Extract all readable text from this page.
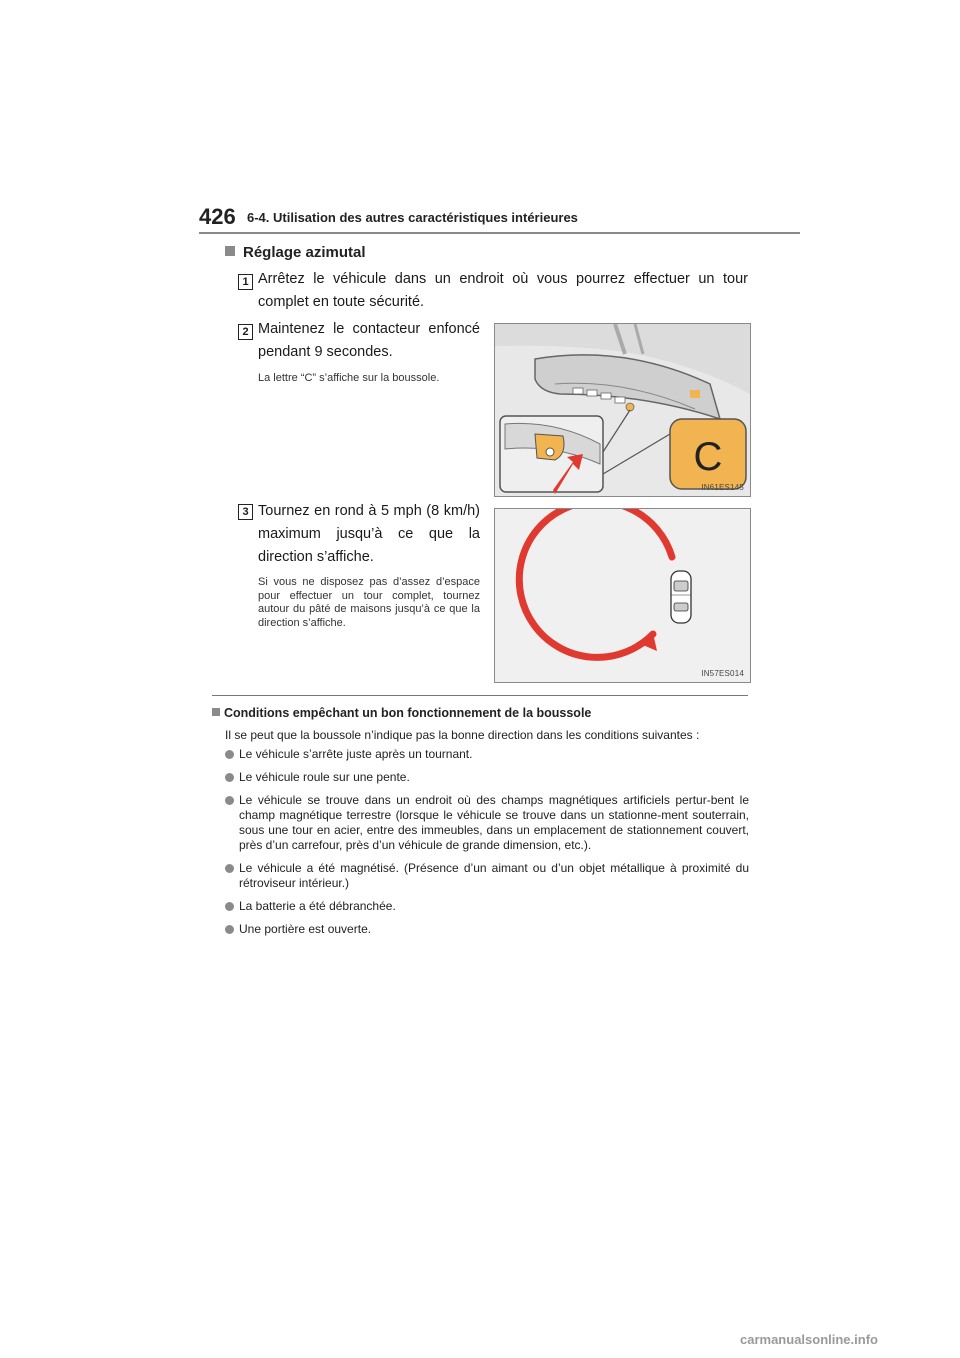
426 6-4. Utilisation des autres caractéristiques intérieures
Réglage azimutal
1 Arrêtez le véhicule dans un endroit où vous pourrez effectuer un tour complet en toute sécurité.
2 Maintenez le contacteur enfoncé pendant 9 secondes.
La lettre “C” s’affiche sur la boussole.
C
IN61ES145
3 Tournez en rond à 5 mph (8 km/h) maximum jusqu’à ce que la direction s’affiche.
Si vous ne disposez pas d’assez d’espace pour effectuer un tour complet, tournez autour du pâté de maisons jusqu’à ce que la direction s’affiche.
IN57ES014
Conditions empêchant un bon fonctionnement de la boussole
Il se peut que la boussole n’indique pas la bonne direction dans les conditions suivantes :
Le véhicule s’arrête juste après un tournant.
Le véhicule roule sur une pente.
Le véhicule se trouve dans un endroit où des champs magnétiques artificiels pertur-bent le champ magnétique terrestre (lorsque le véhicule se trouve dans un stationne-ment souterrain, sous une tour en acier, entre des immeubles, dans un emplacement de stationnement couvert, près d’un carrefour, près d’un véhicule de grande dimension, etc.).
Le véhicule a été magnétisé. (Présence d’un aimant ou d’un objet métallique à proximité du rétroviseur intérieur.)
La batterie a été débranchée.
Une portière est ouverte.
carmanualsonline.info
